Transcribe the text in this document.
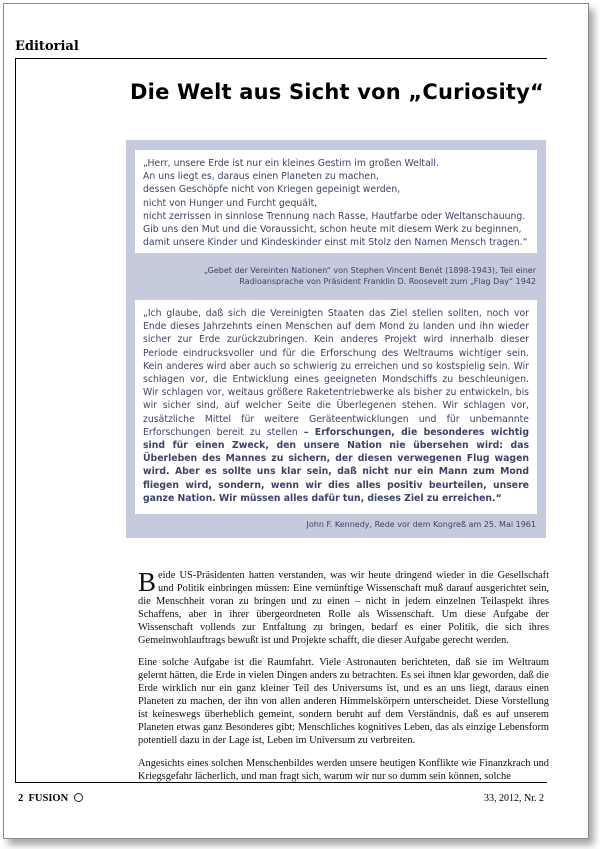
Editorial
Die Welt aus Sicht von „Curiosity“

„Herr, unsere Erde ist nur ein kleines Gestirn im großen Weltall.
An uns liegt es, daraus einen Planeten zu machen,
dessen Geschöpfe nicht von Kriegen gepeinigt werden,
nicht von Hunger und Furcht gequält,
nicht zerrissen in sinnlose Trennung nach Rasse, Hautfarbe oder Weltanschauung.
Gib uns den Mut und die Voraussicht, schon heute mit diesem Werk zu beginnen,
damit unsere Kinder und Kindeskinder einst mit Stolz den Namen Mensch tragen.“

„Gebet der Vereinten Nationen“ von Stephen Vincent Benét (1898-1943), Teil einer
Radioansprache von Präsident Franklin D. Roosevelt zum „Flag Day“ 1942

„Ich glaube, daß sich die Vereinigten Staaten das Ziel stellen sollten, noch vor Ende dieses Jahrzehnts einen Menschen auf dem Mond zu landen und ihn wieder sicher zur Erde zurückzubringen. Kein anderes Projekt wird innerhalb dieser Periode eindrucksvoller und für die Erforschung des Weltraums wichtiger sein. Kein anderes wird aber auch so schwierig zu erreichen und so kostspielig sein. Wir schlagen vor, die Entwicklung eines geeigneten Mondschiffs zu beschleunigen. Wir schlagen vor, weitaus größere Raketentriebwerke als bisher zu entwickeln, bis wir sicher sind, auf welcher Seite die Überlegenen stehen. Wir schlagen vor, zusätzliche Mittel für weitere Geräteentwicklungen und für unbemannte Erforschungen bereit zu stellen – Erforschungen, die besonderes wichtig sind für einen Zweck, den unsere Nation nie übersehen wird: das Überleben des Mannes zu sichern, der diesen verwegenen Flug wagen wird. Aber es sollte uns klar sein, daß nicht nur ein Mann zum Mond fliegen wird, sondern, wenn wir dies alles positiv beurteilen, unsere ganze Nation. Wir müssen alles dafür tun, dieses Ziel zu erreichen.“

John F. Kennedy, Rede vor dem Kongreß am 25. Mai 1961

Beide US-Präsidenten hatten verstanden, was wir heute dringend wieder in die Gesellschaft und Politik einbringen müssen: Eine vernünftige Wissenschaft muß darauf ausgerichtet sein, die Menschheit voran zu bringen und zu einen – nicht in jedem einzelnen Teilaspekt ihres Schaffens, aber in ihrer übergeordneten Rolle als Wissenschaft. Um diese Aufgabe der Wissenschaft vollends zur Entfaltung zu bringen, bedarf es einer Politik, die sich ihres Gemeinwohlauftrags bewußt ist und Projekte schafft, die dieser Aufgabe gerecht werden.

Eine solche Aufgabe ist die Raumfahrt. Viele Astronauten berichteten, daß sie im Weltraum gelernt hätten, die Erde in vielen Dingen anders zu betrachten. Es sei ihnen klar geworden, daß die Erde wirklich nur ein ganz kleiner Teil des Universums ist, und es an uns liegt, daraus einen Planeten zu machen, der ihn von allen anderen Himmelskörpern unterscheidet. Diese Vorstellung ist keineswegs überheblich gemeint, sondern beruht auf dem Verständnis, daß es auf unserem Planeten etwas ganz Besonderes gibt: Menschliches kognitives Leben, das als einzige Lebensform potentiell dazu in der Lage ist, Leben im Universum zu verbreiten.

Angesichts eines solchen Menschenbildes werden unsere heutigen Konflikte wie Finanzkrach und Kriegsgefahr lächerlich, und man fragt sich, warum wir nur so dumm sein können, solche

2 FUSION	33, 2012, Nr. 2
